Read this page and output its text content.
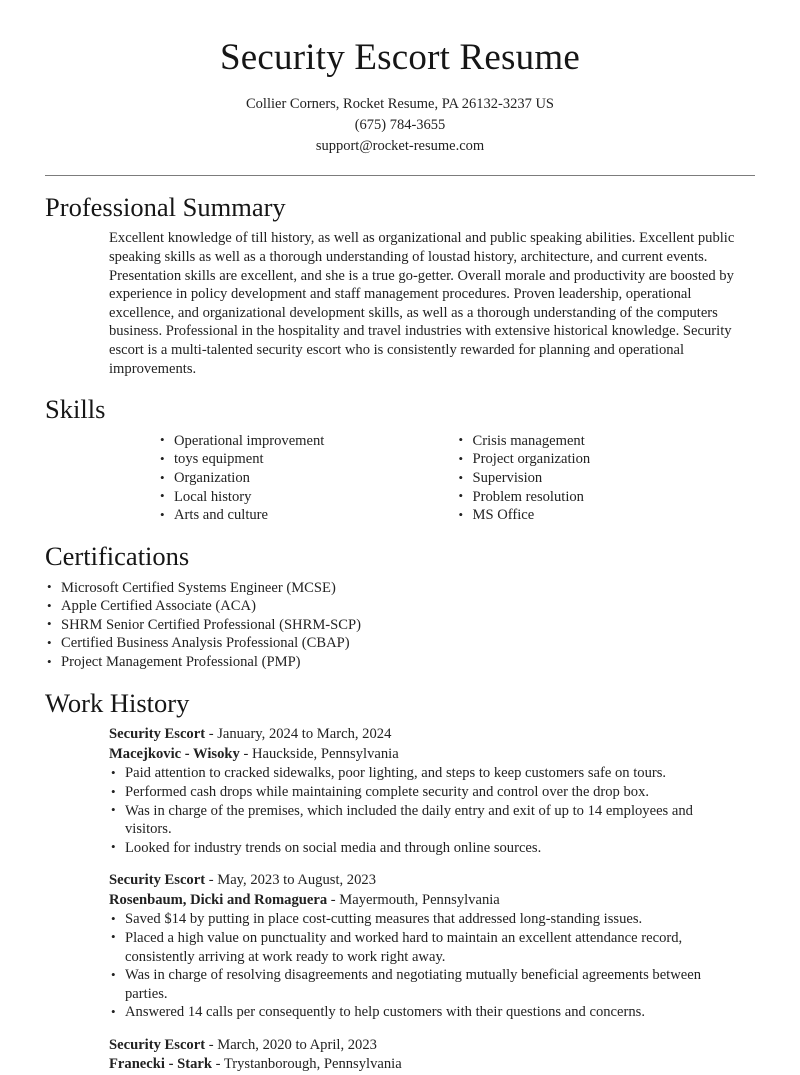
Security Escort Resume
Collier Corners, Rocket Resume, PA 26132-3237 US
(675) 784-3655
support@rocket-resume.com
Professional Summary

Excellent knowledge of till history, as well as organizational and public speaking abilities. Excellent public speaking skills as well as a thorough understanding of loustad history, architecture, and current events. Presentation skills are excellent, and she is a true go-getter. Overall morale and productivity are boosted by experience in policy development and staff management procedures. Proven leadership, operational excellence, and organizational development skills, as well as a thorough understanding of the computers business. Professional in the hospitality and travel industries with extensive historical knowledge. Security escort is a multi-talented security escort who is consistently rewarded for planning and operational improvements.

Skills
• Operational improvement
• toys equipment
• Organization
• Local history
• Arts and culture
• Crisis management
• Project organization
• Supervision
• Problem resolution
• MS Office
Certifications
• Microsoft Certified Systems Engineer (MCSE)
• Apple Certified Associate (ACA)
• SHRM Senior Certified Professional (SHRM-SCP)
• Certified Business Analysis Professional (CBAP)
• Project Management Professional (PMP)
Work History
Security Escort - January, 2024 to March, 2024
Macejkovic - Wisoky - Hauckside, Pennsylvania
• Paid attention to cracked sidewalks, poor lighting, and steps to keep customers safe on tours.
• Performed cash drops while maintaining complete security and control over the drop box.
• Was in charge of the premises, which included the daily entry and exit of up to 14 employees and visitors.
• Looked for industry trends on social media and through online sources.
Security Escort - May, 2023 to August, 2023
Rosenbaum, Dicki and Romaguera - Mayermouth, Pennsylvania
• Saved $14 by putting in place cost-cutting measures that addressed long-standing issues.
• Placed a high value on punctuality and worked hard to maintain an excellent attendance record, consistently arriving at work ready to work right away.
• Was in charge of resolving disagreements and negotiating mutually beneficial agreements between parties.
• Answered 14 calls per consequently to help customers with their questions and concerns.
Security Escort - March, 2020 to April, 2023
Franecki - Stark - Trystanborough, Pennsylvania
